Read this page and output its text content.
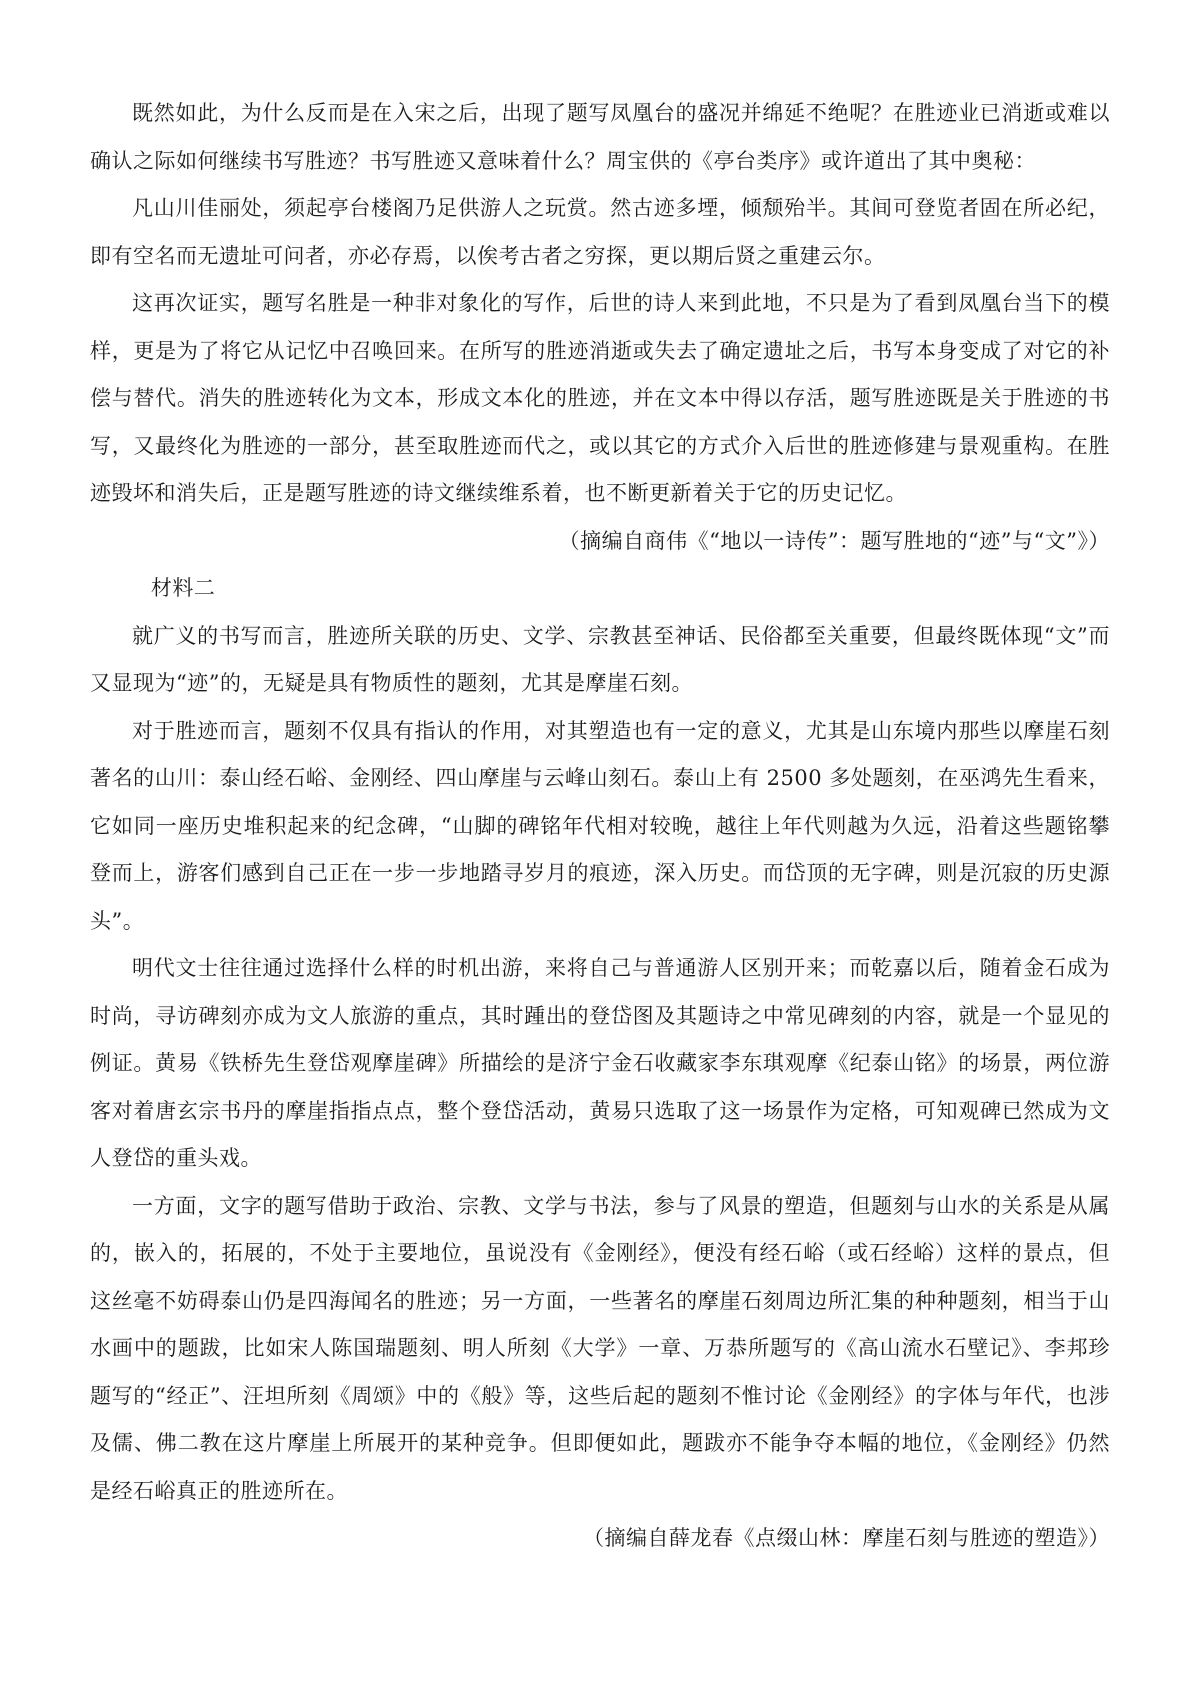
既然如此，为什么反而是在入宋之后，出现了题写凤凰台的盛况并绵延不绝呢？在胜迹业已消逝或难以确认之际如何继续书写胜迹？书写胜迹又意味着什么？周宝供的《亭台类序》或许道出了其中奥秘：

凡山川佳丽处，须起亭台楼阁乃足供游人之玩赏。然古迹多堙，倾颓殆半。其间可登览者固在所必纪，即有空名而无遗址可问者，亦必存焉，以俟考古者之穷探，更以期后贤之重建云尔。

这再次证实，题写名胜是一种非对象化的写作，后世的诗人来到此地，不只是为了看到凤凰台当下的模样，更是为了将它从记忆中召唤回来。在所写的胜迹消逝或失去了确定遗址之后，书写本身变成了对它的补偿与替代。消失的胜迹转化为文本，形成文本化的胜迹，并在文本中得以存活，题写胜迹既是关于胜迹的书写，又最终化为胜迹的一部分，甚至取胜迹而代之，或以其它的方式介入后世的胜迹修建与景观重构。在胜迹毁坏和消失后，正是题写胜迹的诗文继续维系着，也不断更新着关于它的历史记忆。

（摘编自商伟《“地以一诗传”：题写胜地的“迹”与“文”》）

材料二

就广义的书写而言，胜迹所关联的历史、文学、宗教甚至神话、民俗都至关重要，但最终既体现“文”而又显现为“迹”的，无疑是具有物质性的题刻，尤其是摩崖石刻。

对于胜迹而言，题刻不仅具有指认的作用，对其塑造也有一定的意义，尤其是山东境内那些以摩崖石刻著名的山川：泰山经石峪、金刚经、四山摩崖与云峰山刻石。泰山上有 2500 多处题刻，在巫鸿先生看来，它如同一座历史堆积起来的纪念碑，“山脚的碑铭年代相对较晚，越往上年代则越为久远，沿着这些题铭攀登而上，游客们感到自己正在一步一步地踏寻岁月的痕迹，深入历史。而岱顶的无字碑，则是沉寂的历史源头”。

明代文士往往通过选择什么样的时机出游，来将自己与普通游人区别开来；而乾嘉以后，随着金石成为时尚，寻访碑刻亦成为文人旅游的重点，其时踵出的登岱图及其题诗之中常见碑刻的内容，就是一个显见的例证。黄易《铁桥先生登岱观摩崖碑》所描绘的是济宁金石收藏家李东琪观摩《纪泰山铭》的场景，两位游客对着唐玄宗书丹的摩崖指指点点，整个登岱活动，黄易只选取了这一场景作为定格，可知观碑已然成为文人登岱的重头戏。

一方面，文字的题写借助于政治、宗教、文学与书法，参与了风景的塑造，但题刻与山水的关系是从属的，嵌入的，拓展的，不处于主要地位，虽说没有《金刚经》，便没有经石峪（或石经峪）这样的景点，但这丝毫不妨碍泰山仍是四海闻名的胜迹；另一方面，一些著名的摩崖石刻周边所汇集的种种题刻，相当于山水画中的题跋，比如宋人陈国瑞题刻、明人所刻《大学》一章、万恭所题写的《高山流水石壁记》、李邦珍题写的“经正”、汪坦所刻《周颂》中的《般》等，这些后起的题刻不惟讨论《金刚经》的字体与年代，也涉及儒、佛二教在这片摩崖上所展开的某种竞争。但即便如此，题跋亦不能争夺本幅的地位，《金刚经》仍然是经石峪真正的胜迹所在。

（摘编自薛龙春《点缀山林：摩崖石刻与胜迹的塑造》）
